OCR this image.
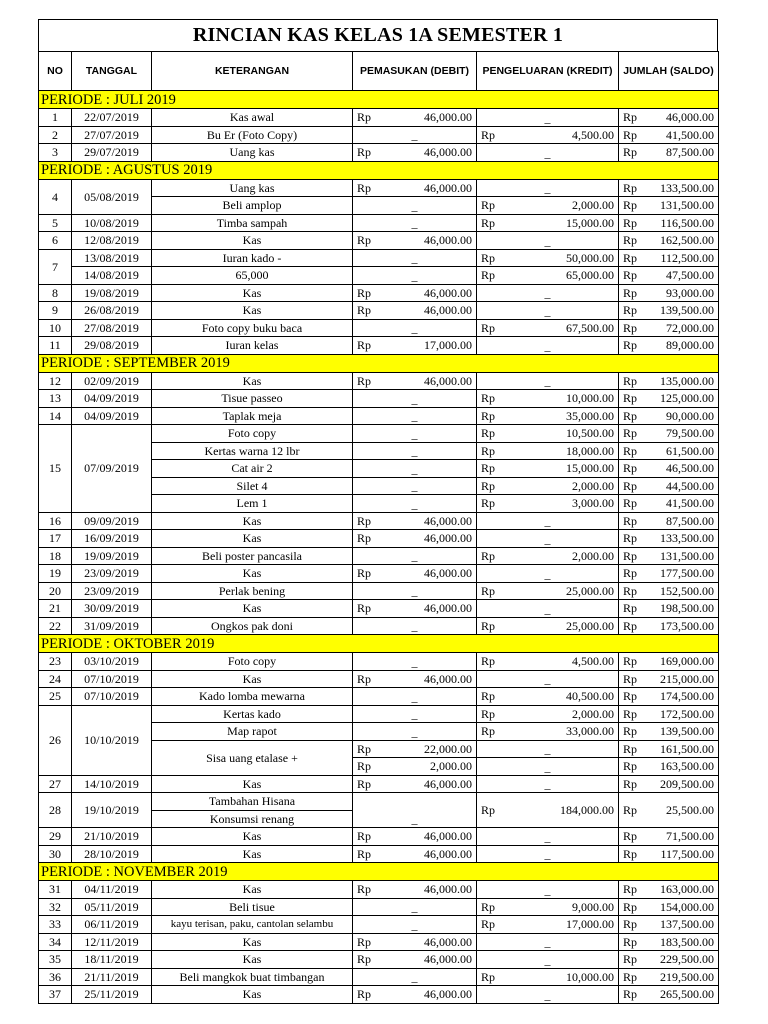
RINCIAN KAS KELAS 1A SEMESTER 1
NO	TANGGAL	KETERANGAN	PEMASUKAN (DEBIT)		PENGELUARAN (KREDIT)		JUMLAH (SALDO)	
PERIODE : JULI 2019								
1	22/07/2019	Kas awal	Rp	46,000.00	_		Rp	46,000.00
2	27/07/2019	Bu Er (Foto Copy)	_		Rp	4,500.00	Rp	41,500.00
3	29/07/2019	Uang kas	Rp	46,000.00	_		Rp	87,500.00
PERIODE : AGUSTUS 2019								
4	05/08/2019	Uang kas	Rp	46,000.00	_		Rp	133,500.00
		Beli amplop	_		Rp	2,000.00	Rp	131,500.00
5	10/08/2019	Timba sampah	_		Rp	15,000.00	Rp	116,500.00
6	12/08/2019	Kas	Rp	46,000.00	_		Rp	162,500.00
7	13/08/2019	Iuran kado -	_		Rp	50,000.00	Rp	112,500.00
	14/08/2019	65,000	_		Rp	65,000.00	Rp	47,500.00
8	19/08/2019	Kas	Rp	46,000.00	_		Rp	93,000.00
9	26/08/2019	Kas	Rp	46,000.00	_		Rp	139,500.00
10	27/08/2019	Foto copy buku baca	_		Rp	67,500.00	Rp	72,000.00
11	29/08/2019	Iuran kelas	Rp	17,000.00	_		Rp	89,000.00
PERIODE : SEPTEMBER 2019								
12	02/09/2019	Kas	Rp	46,000.00	_		Rp	135,000.00
13	04/09/2019	Tisue passeo	_		Rp	10,000.00	Rp	125,000.00
14	04/09/2019	Taplak meja	_		Rp	35,000.00	Rp	90,000.00
15	07/09/2019	Foto copy	_		Rp	10,500.00	Rp	79,500.00
		Kertas warna 12 lbr	_		Rp	18,000.00	Rp	61,500.00
		Cat air 2	_		Rp	15,000.00	Rp	46,500.00
		Silet 4	_		Rp	2,000.00	Rp	44,500.00
		Lem 1	_		Rp	3,000.00	Rp	41,500.00
16	09/09/2019	Kas	Rp	46,000.00	_		Rp	87,500.00
17	16/09/2019	Kas	Rp	46,000.00	_		Rp	133,500.00
18	19/09/2019	Beli poster pancasila	_		Rp	2,000.00	Rp	131,500.00
19	23/09/2019	Kas	Rp	46,000.00	_		Rp	177,500.00
20	23/09/2019	Perlak bening	_		Rp	25,000.00	Rp	152,500.00
21	30/09/2019	Kas	Rp	46,000.00	_		Rp	198,500.00
22	31/09/2019	Ongkos pak doni	_		Rp	25,000.00	Rp	173,500.00
PERIODE : OKTOBER 2019								
23	03/10/2019	Foto copy	_		Rp	4,500.00	Rp	169,000.00
24	07/10/2019	Kas	Rp	46,000.00	_		Rp	215,000.00
25	07/10/2019	Kado lomba mewarna	_		Rp	40,500.00	Rp	174,500.00
26	10/10/2019	Kertas kado	_		Rp	2,000.00	Rp	172,500.00
		Map rapot	_		Rp	33,000.00	Rp	139,500.00
		Sisa uang etalase +	Rp	22,000.00	_		Rp	161,500.00
			Rp	2,000.00	_		Rp	163,500.00
27	14/10/2019	Kas	Rp	46,000.00	_		Rp	209,500.00
28	19/10/2019	Tambahan Hisana	_		Rp	184,000.00	Rp	25,500.00
		Konsumsi renang						
29	21/10/2019	Kas	Rp	46,000.00	_		Rp	71,500.00
30	28/10/2019	Kas	Rp	46,000.00	_		Rp	117,500.00
PERIODE : NOVEMBER 2019								
31	04/11/2019	Kas	Rp	46,000.00	_		Rp	163,000.00
32	05/11/2019	Beli tisue	_		Rp	9,000.00	Rp	154,000.00
33	06/11/2019	kayu terisan, paku, cantolan selambu	_		Rp	17,000.00	Rp	137,500.00
34	12/11/2019	Kas	Rp	46,000.00	_		Rp	183,500.00
35	18/11/2019	Kas	Rp	46,000.00	_		Rp	229,500.00
36	21/11/2019	Beli mangkok buat timbangan	_		Rp	10,000.00	Rp	219,500.00
37	25/11/2019	Kas	Rp	46,000.00	_		Rp	265,500.00
